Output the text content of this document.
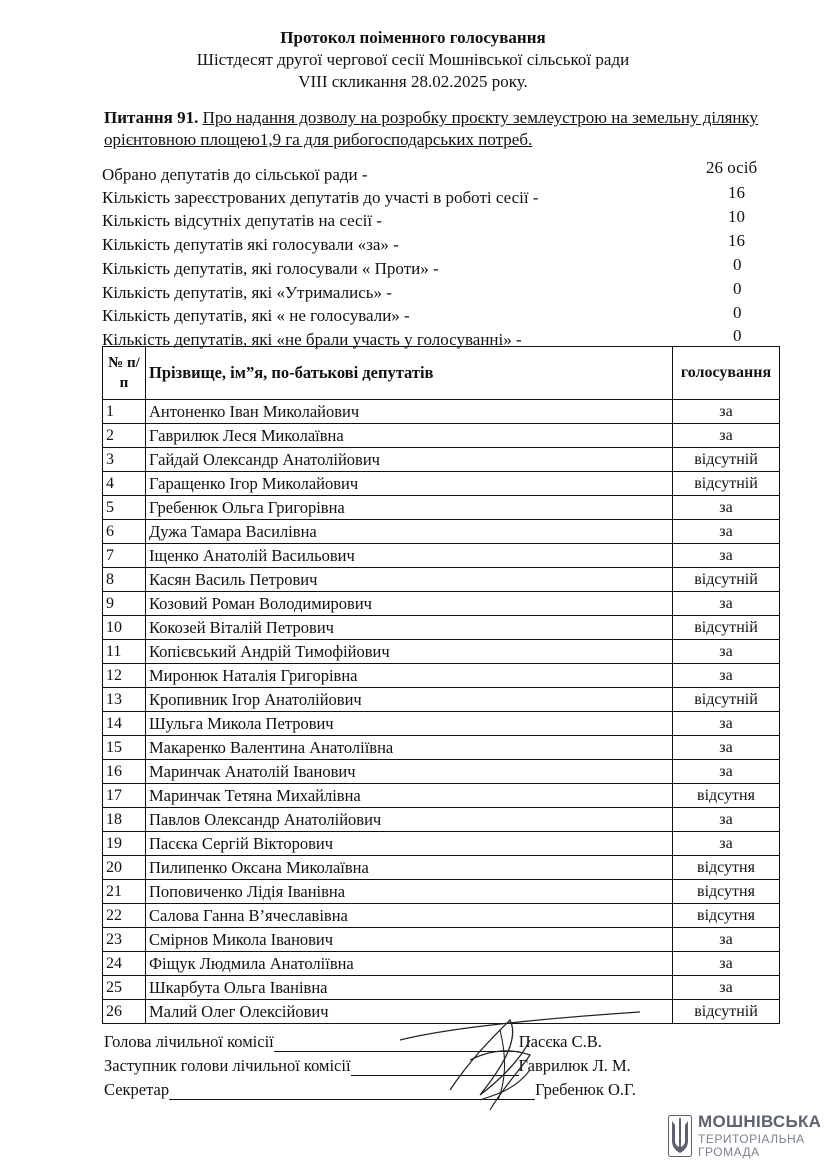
Протокол поіменного голосування
Шістдесят другої чергової сесії Мошнівської сільської ради
VIІІ скликання 28.02.2025 року.
Питання 91. Про надання дозволу на розробку проєкту землеустрою на земельну ділянку орієнтовною площею1,9 га для рибогосподарських потреб.
Обрано депутатів до сільської ради -	26 осіб
Кількість зареєстрованих депутатів до участі в роботі сесії -	16
Кількість відсутніх депутатів на сесії -	10
Кількість депутатів які голосували «за» -	16
Кількість депутатів, які голосували « Проти» -	0
Кількість депутатів, які «Утримались» -	0
Кількість депутатів, які « не голосували» -	0
Кількість депутатів, які «не брали участь у голосуванні» -	0
№ п/п	Прізвище, ім”я, по-батькові депутатів	голосування
1	Антоненко Іван Миколайович	за
2	Гаврилюк Леся Миколаївна	за
3	Гайдай Олександр Анатолійович	відсутній
4	Гаращенко Ігор Миколайович	відсутній
5	Гребенюк Ольга Григорівна	за
6	Дужа Тамара Василівна	за
7	Іщенко Анатолій Васильович	за
8	Касян Василь Петрович	відсутній
9	Козовий Роман Володимирович	за
10	Кокозей Віталій Петрович	відсутній
11	Копієвський Андрій Тимофійович	за
12	Миронюк Наталія Григорівна	за
13	Кропивник Ігор Анатолійович	відсутній
14	Шульга Микола Петрович	за
15	Макаренко Валентина Анатоліївна	за
16	Маринчак Анатолій Іванович	за
17	Маринчак Тетяна Михайлівна	відсутня
18	Павлов Олександр Анатолійович	за
19	Пасєка Сергій Вікторович	за
20	Пилипенко Оксана Миколаївна	відсутня
21	Поповиченко Лідія Іванівна	відсутня
22	Салова Ганна В’ячеславівна	відсутня
23	Смірнов Микола Іванович	за
24	Фіщук Людмила Анатоліївна	за
25	Шкарбута Ольга Іванівна	за
26	Малий Олег Олексійович	відсутній
Голова лічильної комісії	Пасєка С.В.
Заступник голови лічильної комісії	Гаврилюк Л. М.
Секретар	Гребенюк О.Г.
МОШНІВСЬКА
ТЕРИТОРІАЛЬНА
ГРОМАДА
